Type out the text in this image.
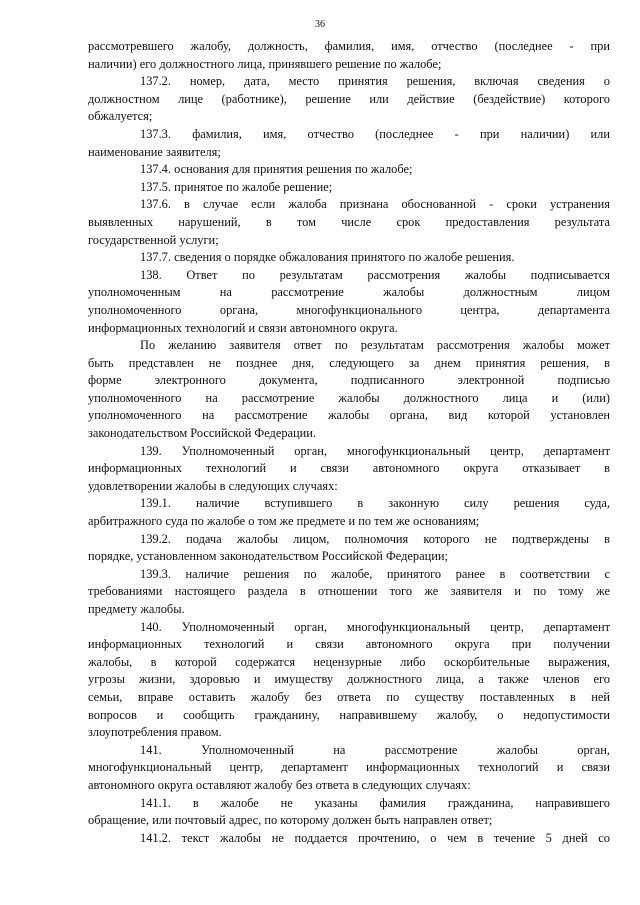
36
рассмотревшего жалобу, должность, фамилия, имя, отчество (последнее - при
наличии) его должностного лица, принявшего решение по жалобе;
137.2. номер, дата, место принятия решения, включая сведения о
должностном лице (работнике), решение или действие (бездействие) которого
обжалуется;
137.3. фамилия, имя, отчество (последнее - при наличии) или
наименование заявителя;
137.4. основания для принятия решения по жалобе;
137.5. принятое по жалобе решение;
137.6. в случае если жалоба признана обоснованной - сроки устранения
выявленных нарушений, в том числе срок предоставления результата
государственной услуги;
137.7. сведения о порядке обжалования принятого по жалобе решения.
138. Ответ по результатам рассмотрения жалобы подписывается
уполномоченным на рассмотрение жалобы должностным лицом
уполномоченного органа, многофункционального центра, департамента
информационных технологий и связи автономного округа.
По желанию заявителя ответ по результатам рассмотрения жалобы может
быть представлен не позднее дня, следующего за днем принятия решения, в
форме электронного документа, подписанного электронной подписью
уполномоченного на рассмотрение жалобы должностного лица и (или)
уполномоченного на рассмотрение жалобы органа, вид которой установлен
законодательством Российской Федерации.
139. Уполномоченный орган, многофункциональный центр, департамент
информационных технологий и связи автономного округа отказывает в
удовлетворении жалобы в следующих случаях:
139.1. наличие вступившего в законную силу решения суда,
арбитражного суда по жалобе о том же предмете и по тем же основаниям;
139.2. подача жалобы лицом, полномочия которого не подтверждены в
порядке, установленном законодательством Российской Федерации;
139.3. наличие решения по жалобе, принятого ранее в соответствии с
требованиями настоящего раздела в отношении того же заявителя и по тому же
предмету жалобы.
140. Уполномоченный орган, многофункциональный центр, департамент
информационных технологий и связи автономного округа при получении
жалобы, в которой содержатся нецензурные либо оскорбительные выражения,
угрозы жизни, здоровью и имуществу должностного лица, а также членов его
семьи, вправе оставить жалобу без ответа по существу поставленных в ней
вопросов и сообщить гражданину, направившему жалобу, о недопустимости
злоупотребления правом.
141. Уполномоченный на рассмотрение жалобы орган,
многофункциональный центр, департамент информационных технологий и связи
автономного округа оставляют жалобу без ответа в следующих случаях:
141.1. в жалобе не указаны фамилия гражданина, направившего
обращение, или почтовый адрес, по которому должен быть направлен ответ;
141.2. текст жалобы не поддается прочтению, о чем в течение 5 дней со
